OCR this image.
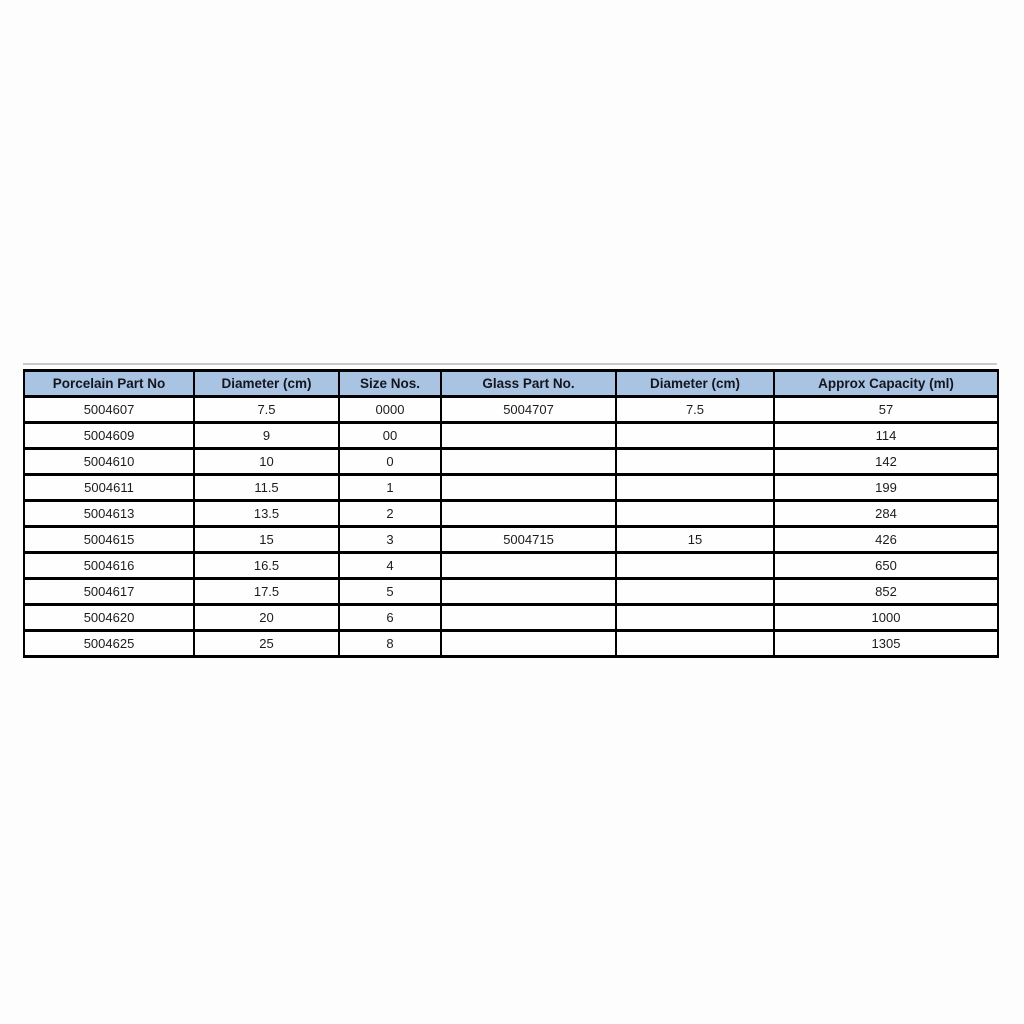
Porcelain Part No	Diameter (cm)	Size Nos.	Glass Part No.	Diameter (cm)	Approx Capacity (ml)
5004607	7.5	0000	5004707	7.5	57
5004609	9	00			114
5004610	10	0			142
5004611	11.5	1			199
5004613	13.5	2			284
5004615	15	3	5004715	15	426
5004616	16.5	4			650
5004617	17.5	5			852
5004620	20	6			1000
5004625	25	8			1305
